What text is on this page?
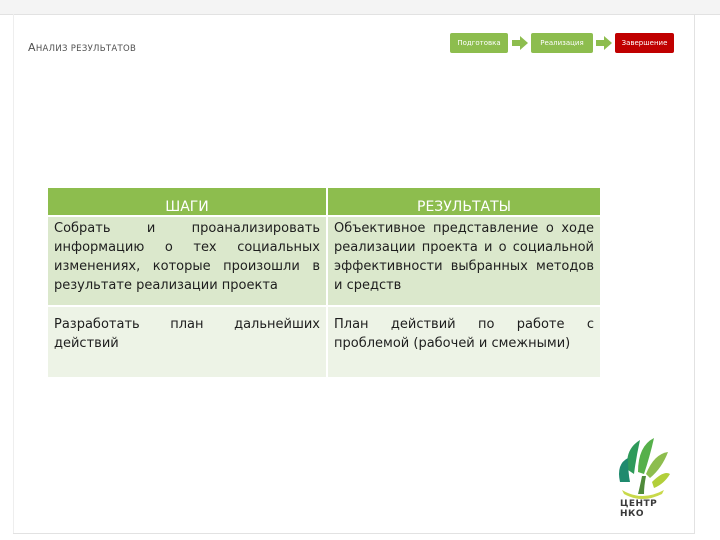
АНАЛИЗ РЕЗУЛЬТАТОВ
Подготовка	Реализация	Завершение
ШАГИ	РЕЗУЛЬТАТЫ
Собрать и проанализировать информацию о тех социальных изменениях, которые произошли в результате реализации проекта	Объективное представление о ходе реализации проекта и о социальной эффективности выбранных методов и средств
Разработать план дальнейших действий	План действий по работе с проблемой (рабочей и смежными)
ЦЕНТР
НКО
